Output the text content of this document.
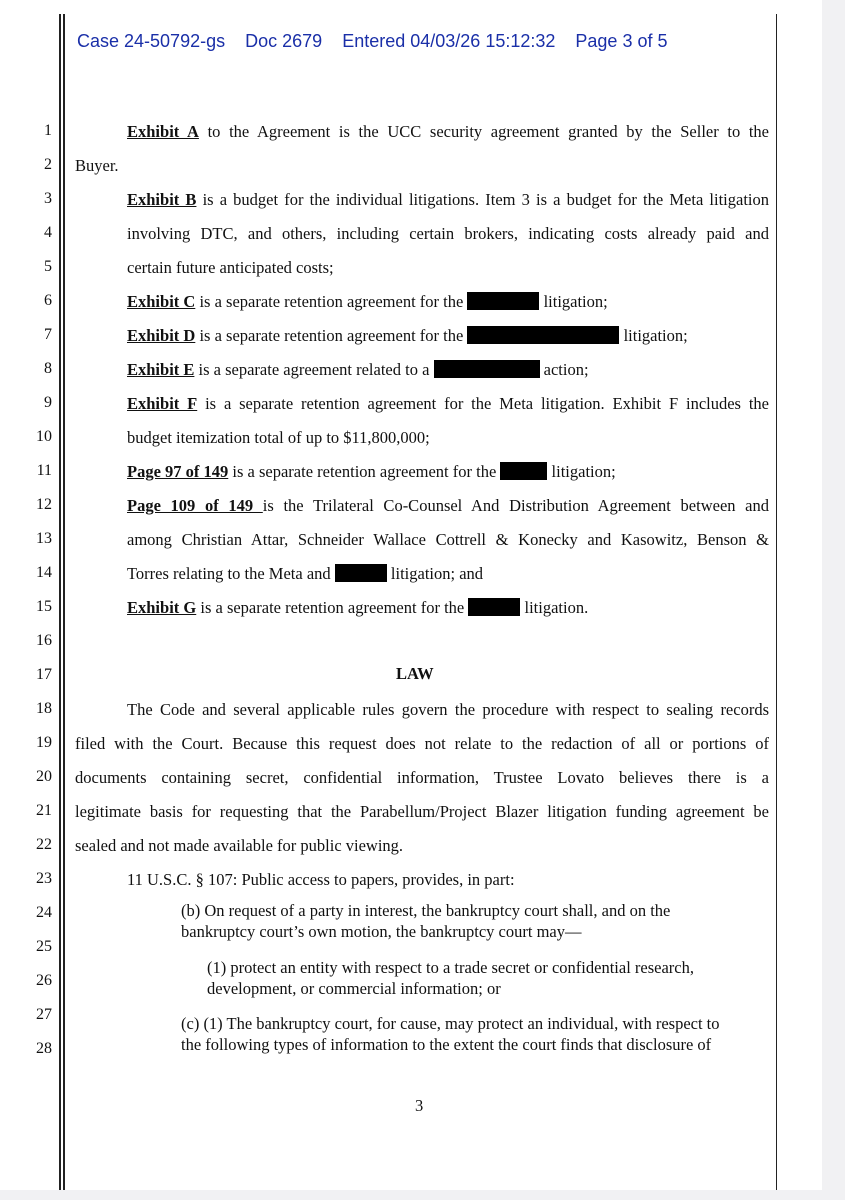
Case 24-50792-gs Doc 2679 Entered 04/03/26 15:12:32 Page 3 of 5
1
2
3
4
5
6
7
8
9
10
11
12
13
14
15
16
17
18
19
20
21
22
23
24
25
26
27
28
Exhibit A to the Agreement is the UCC security agreement granted by the Seller to the
Buyer.
Exhibit B is a budget for the individual litigations. Item 3 is a budget for the Meta litigation
involving DTC, and others, including certain brokers, indicating costs already paid and
certain future anticipated costs;
Exhibit C is a separate retention agreement for the	litigation;
Exhibit D is a separate retention agreement for the	litigation;
Exhibit E is a separate agreement related to a	action;
Exhibit F is a separate retention agreement for the Meta litigation. Exhibit F includes the
budget itemization total of up to $11,800,000;
Page 97 of 149 is a separate retention agreement for the	litigation;
Page 109 of 149 is the Trilateral Co-Counsel And Distribution Agreement between and
among Christian Attar, Schneider Wallace Cottrell & Konecky and Kasowitz, Benson &
Torres relating to the Meta and	litigation; and
Exhibit G is a separate retention agreement for the	litigation.
LAW
The Code and several applicable rules govern the procedure with respect to sealing records
filed with the Court. Because this request does not relate to the redaction of all or portions of
documents containing secret, confidential information, Trustee Lovato believes there is a
legitimate basis for requesting that the Parabellum/Project Blazer litigation funding agreement be
sealed and not made available for public viewing.
11 U.S.C. § 107: Public access to papers, provides, in part:
(b) On request of a party in interest, the bankruptcy court shall, and on the
bankruptcy court’s own motion, the bankruptcy court may—
(1) protect an entity with respect to a trade secret or confidential research,
development, or commercial information; or
(c) (1) The bankruptcy court, for cause, may protect an individual, with respect to
the following types of information to the extent the court finds that disclosure of
3
